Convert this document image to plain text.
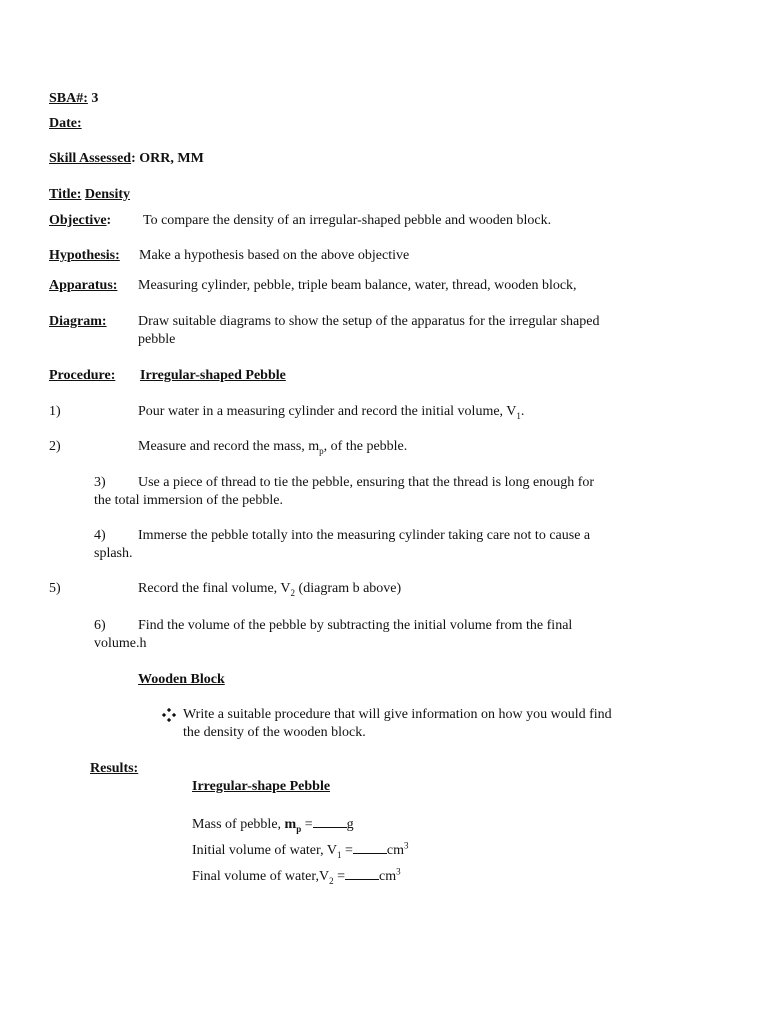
SBA#: 3
Date:
Skill Assessed: ORR, MM
Title: Density
Objective: To compare the density of an irregular-shaped pebble and wooden block.
Hypothesis: Make a hypothesis based on the above objective
Apparatus: Measuring cylinder, pebble, triple beam balance, water, thread, wooden block,
Diagram: Draw suitable diagrams to show the setup of the apparatus for the irregular shaped
pebble
Procedure: Irregular-shaped Pebble
1)	Pour water in a measuring cylinder and record the initial volume, $V_1$.
2)	Measure and record the mass, $m_p$, of the pebble.
3) Use a piece of thread to tie the pebble, ensuring that the thread is long enough for
the total immersion of the pebble.
4) Immerse the pebble totally into the measuring cylinder taking care not to cause a
splash.
5)	Record the final volume, $V_2$ (diagram b above)
6) Find the volume of the pebble by subtracting the initial volume from the final
volume.h
Wooden Block
Write a suitable procedure that will give information on how you would find
the density of the wooden block.
Results:
Irregular-shape Pebble
Mass of pebble, $m_p = g$
Initial volume of water, $V_1 = cm^3$
Final volume of $water,V_2 = cm^3$
